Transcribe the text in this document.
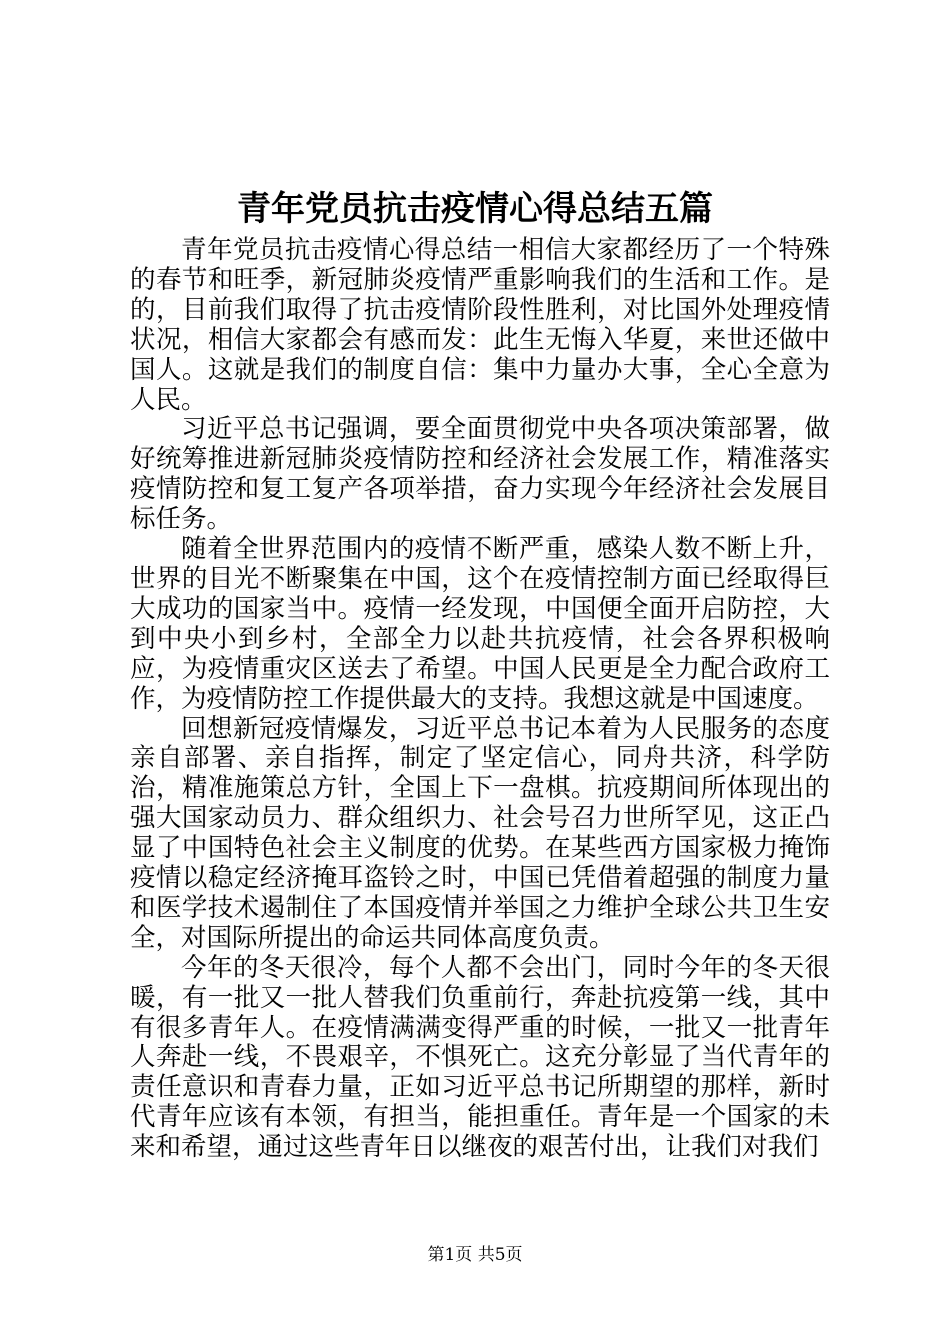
青年党员抗击疫情心得总结五篇

青年党员抗击疫情心得总结一相信大家都经历了一个特殊的春节和旺季，新冠肺炎疫情严重影响我们的生活和工作。是的，目前我们取得了抗击疫情阶段性胜利，对比国外处理疫情状况，相信大家都会有感而发：此生无悔入华夏，来世还做中国人。这就是我们的制度自信：集中力量办大事，全心全意为人民。

习近平总书记强调，要全面贯彻党中央各项决策部署，做好统筹推进新冠肺炎疫情防控和经济社会发展工作，精准落实疫情防控和复工复产各项举措，奋力实现今年经济社会发展目标任务。

随着全世界范围内的疫情不断严重，感染人数不断上升，世界的目光不断聚集在中国，这个在疫情控制方面已经取得巨大成功的国家当中。疫情一经发现，中国便全面开启防控，大到中央小到乡村，全部全力以赴共抗疫情，社会各界积极响应，为疫情重灾区送去了希望。中国人民更是全力配合政府工作，为疫情防控工作提供最大的支持。我想这就是中国速度。

回想新冠疫情爆发，习近平总书记本着为人民服务的态度亲自部署、亲自指挥，制定了坚定信心，同舟共济，科学防治，精准施策总方针，全国上下一盘棋。抗疫期间所体现出的强大国家动员力、群众组织力、社会号召力世所罕见，这正凸显了中国特色社会主义制度的优势。在某些西方国家极力掩饰疫情以稳定经济掩耳盗铃之时，中国已凭借着超强的制度力量和医学技术遏制住了本国疫情并举国之力维护全球公共卫生安全，对国际所提出的命运共同体高度负责。

今年的冬天很冷，每个人都不会出门，同时今年的冬天很暖，有一批又一批人替我们负重前行，奔赴抗疫第一线，其中有很多青年人。在疫情满满变得严重的时候，一批又一批青年人奔赴一线，不畏艰辛，不惧死亡。这充分彰显了当代青年的责任意识和青春力量，正如习近平总书记所期望的那样，新时代青年应该有本领，有担当，能担重任。青年是一个国家的未来和希望，通过这些青年日以继夜的艰苦付出，让我们对我们

第1页 共5页
